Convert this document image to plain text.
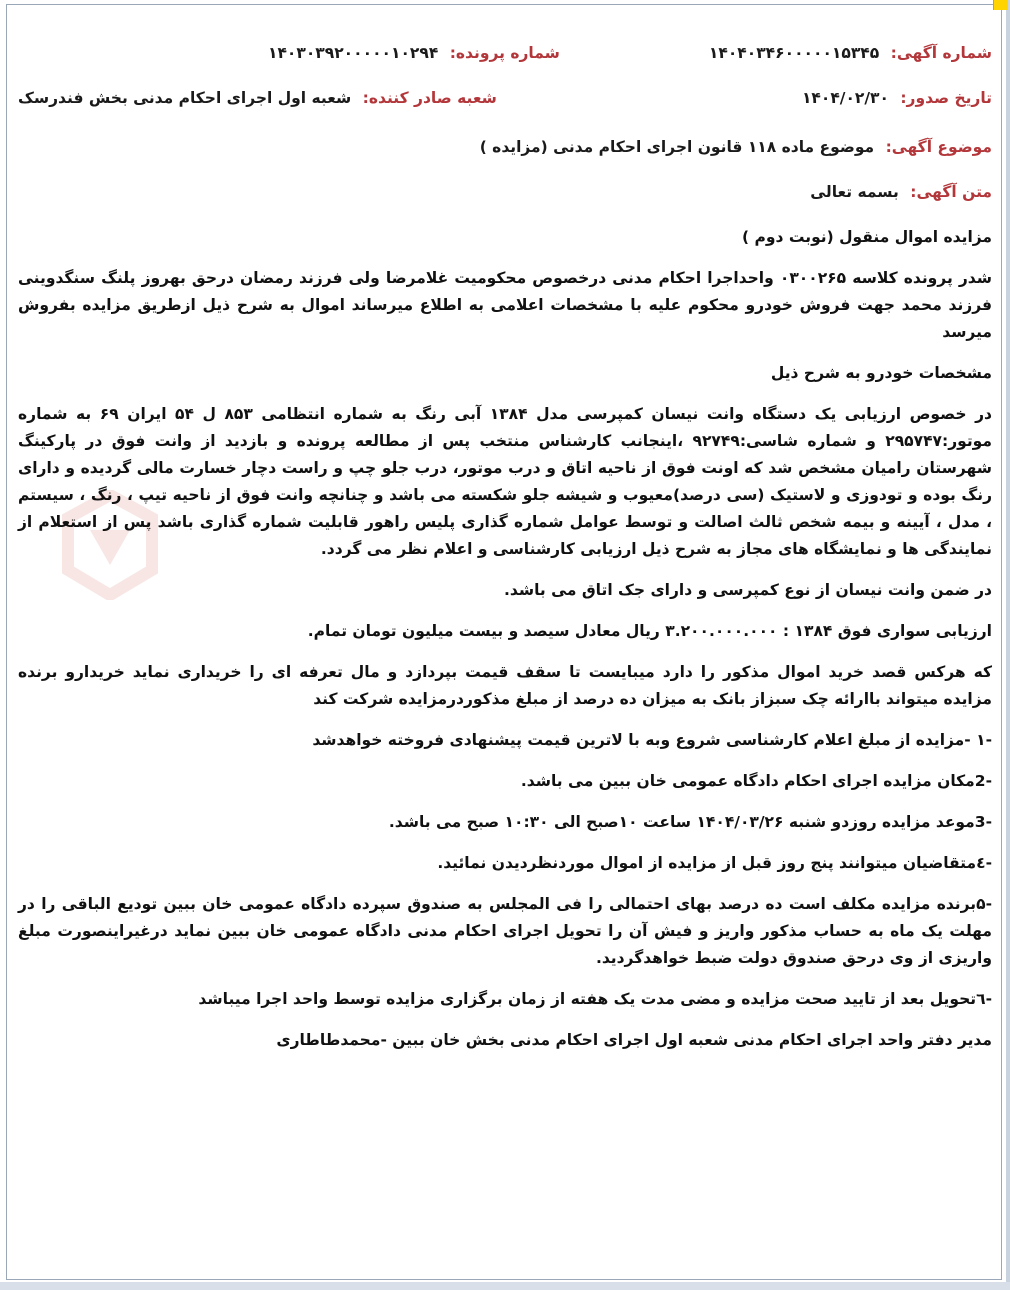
شماره آگهی: ۱۴۰۴۰۳۴۶۰۰۰۰۰۱۵۳۴۵
شماره پرونده: ۱۴۰۳۰۳۹۲۰۰۰۰۰۱۰۲۹۴
تاریخ صدور: ۱۴۰۴/۰۲/۳۰
شعبه صادر کننده: شعبه اول اجرای احکام مدنی بخش فندرسک
موضوع آگهی: موضوع ماده ۱۱۸ قانون اجرای احکام مدنی (مزایده )
متن آگهی: بسمه تعالی

مزایده اموال منقول (نوبت دوم )

شدر پرونده کلاسه ۰۳۰۰۲۶۵ واحداجرا احکام مدنی درخصوص محکومیت غلامرضا ولی فرزند رمضان درحق بهروز پلنگ سنگدوینی فرزند محمد جهت فروش خودرو محکوم علیه با مشخصات اعلامی به اطلاع میرساند اموال به شرح ذیل ازطریق مزایده بفروش میرسد

مشخصات خودرو به شرح ذیل

در خصوص ارزیابی یک دستگاه وانت نیسان کمپرسی مدل ۱۳۸۴ آبی رنگ به شماره انتظامی ۸۵۳ ل ۵۴ ایران ۶۹ به شماره موتور:۲۹۵۷۴۷ و شماره شاسی:۹۲۷۴۹ ،اینجانب کارشناس منتخب پس از مطالعه پرونده و بازدید از وانت فوق در پارکینگ شهرستان رامیان مشخص شد که اونت فوق از ناحیه اتاق و درب موتور، درب جلو چپ و راست دچار خسارت مالی گردیده و دارای رنگ بوده و تودوزی و لاستیک (سی درصد)معیوب و شیشه جلو شکسته می باشد و چنانچه وانت فوق از ناحیه تیپ ، رنگ ، سیستم ، مدل ، آیینه و بیمه شخص ثالث اصالت و توسط عوامل شماره گذاری پلیس راهور قابلیت شماره گذاری باشد پس از استعلام از نمایندگی ها و نمایشگاه های مجاز به شرح ذیل ارزیابی کارشناسی و اعلام نظر می گردد.

در ضمن وانت نیسان از نوع کمپرسی و دارای جک اتاق می باشد.

ارزیابی سواری فوق ۱۳۸۴ : ۳.۲۰۰.۰۰۰.۰۰۰ ریال معادل سیصد و بیست میلیون تومان تمام.

که هرکس قصد خرید اموال مذکور را دارد میبایست تا سقف قیمت بپردازد و مال تعرفه ای را خریداری نماید خریدارو برنده مزایده میتواند باارائه چک سبزاز بانک به میزان ده درصد از مبلغ مذکوردرمزایده شرکت کند

-۱ -مزایده از مبلغ اعلام کارشناسی شروع وبه با لاترین قیمت پیشنهادی فروخته خواهدشد

-2مکان مزایده اجرای احکام دادگاه عمومی خان ببین می باشد.

-3موعد مزایده روزدو شنبه ۱۴۰۴/۰۳/۲۶ ساعت ۱۰صبح الی ۱۰:۳۰ صبح می باشد.

-٤متقاضیان میتوانند پنج روز قبل از مزایده از اموال موردنظردیدن نمائید.

-۵برنده مزایده مکلف است ده درصد بهای احتمالی را فی المجلس به صندوق سپرده دادگاه عمومی خان ببین تودیع الباقی را در مهلت یک ماه به حساب مذکور واریز و فیش آن را تحویل اجرای احکام مدنی دادگاه عمومی خان ببین نماید درغیراینصورت مبلغ واریزی از وی درحق صندوق دولت ضبط خواهدگردید.

-٦تحویل بعد از تایید صحت مزایده و مضی مدت یک هفته از زمان برگزاری مزایده توسط واحد اجرا میباشد

مدیر دفتر واحد اجرای احکام مدنی شعبه اول اجرای احکام مدنی بخش خان ببین -محمدطاطاری
